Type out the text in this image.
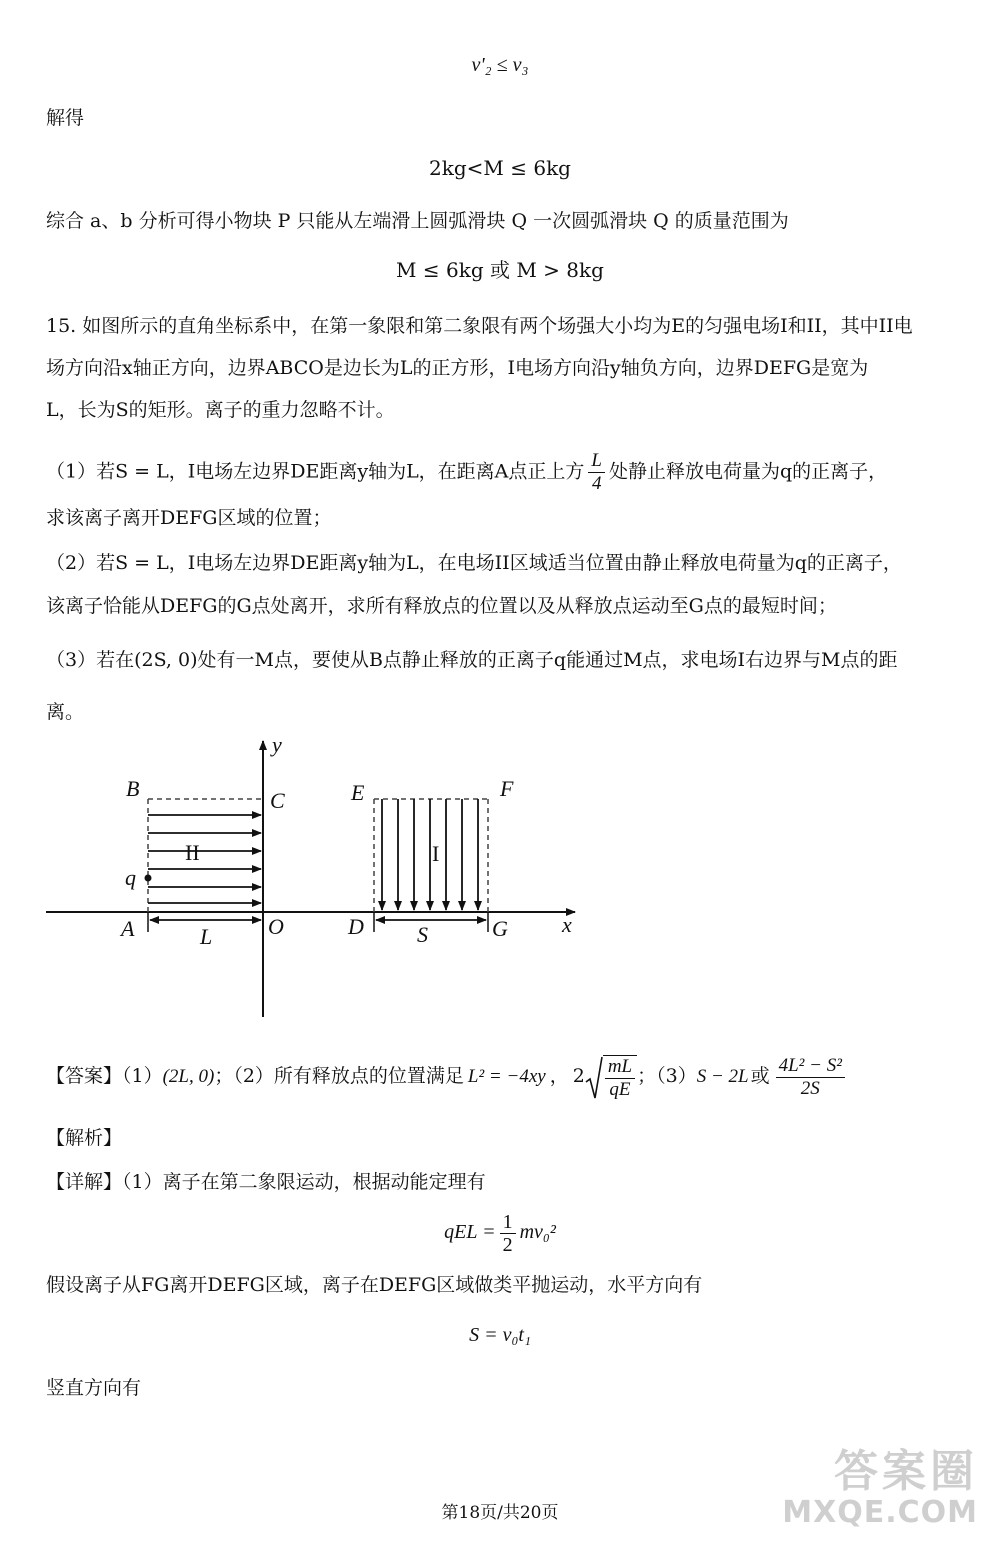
v'₂ ≤ v₃
解得
2kg<M ≤ 6kg
综合 a、b 分析可得小物块 P 只能从左端滑上圆弧滑块 Q 一次圆弧滑块 Q 的质量范围为
M ≤ 6kg 或 M > 8kg
15. 如图所示的直角坐标系中，在第一象限和第二象限有两个场强大小均为E的匀强电场I和II，其中II电
场方向沿x轴正方向，边界ABCO是边长为L的正方形，I电场方向沿y轴负方向，边界DEFG是宽为
L，长为S的矩形。离子的重力忽略不计。
（1）若S = L，I电场左边界DE距离y轴为L，在距离A点正上方 $\frac{L}{4}$ 处静止释放电荷量为q的正离子，
求该离子离开DEFG区域的位置；
（2）若S = L，I电场左边界DE距离y轴为L，在电场II区域适当位置由静止释放电荷量为q的正离子，
该离子恰能从DEFG的G点处离开，求所有释放点的位置以及从释放点运动至G点的最短时间；
（3）若在(2S, 0)处有一M点，要使从B点静止释放的正离子q能通过M点，求电场I右边界与M点的距
离。
y
x
B	C	E	F
q
A	O	D	G
L	S
II	I
【答案】（1）(2L, 0)；（2）所有释放点的位置满足 L² = −4xy ， $2 \frac{mL}{qE}$ ；（3）S − 2L 或 $\frac{\text{4L² − S²}}{2S}$
【解析】
【详解】（1）离子在第二象限运动，根据动能定理有
qEL = $\frac{1}{2} mv_0^2$
假设离子从FG离开DEFG区域，离子在DEFG区域做类平抛运动，水平方向有
S = v₀t₁
竖直方向有
第18页/共20页
答案圈
MXQE.COM
